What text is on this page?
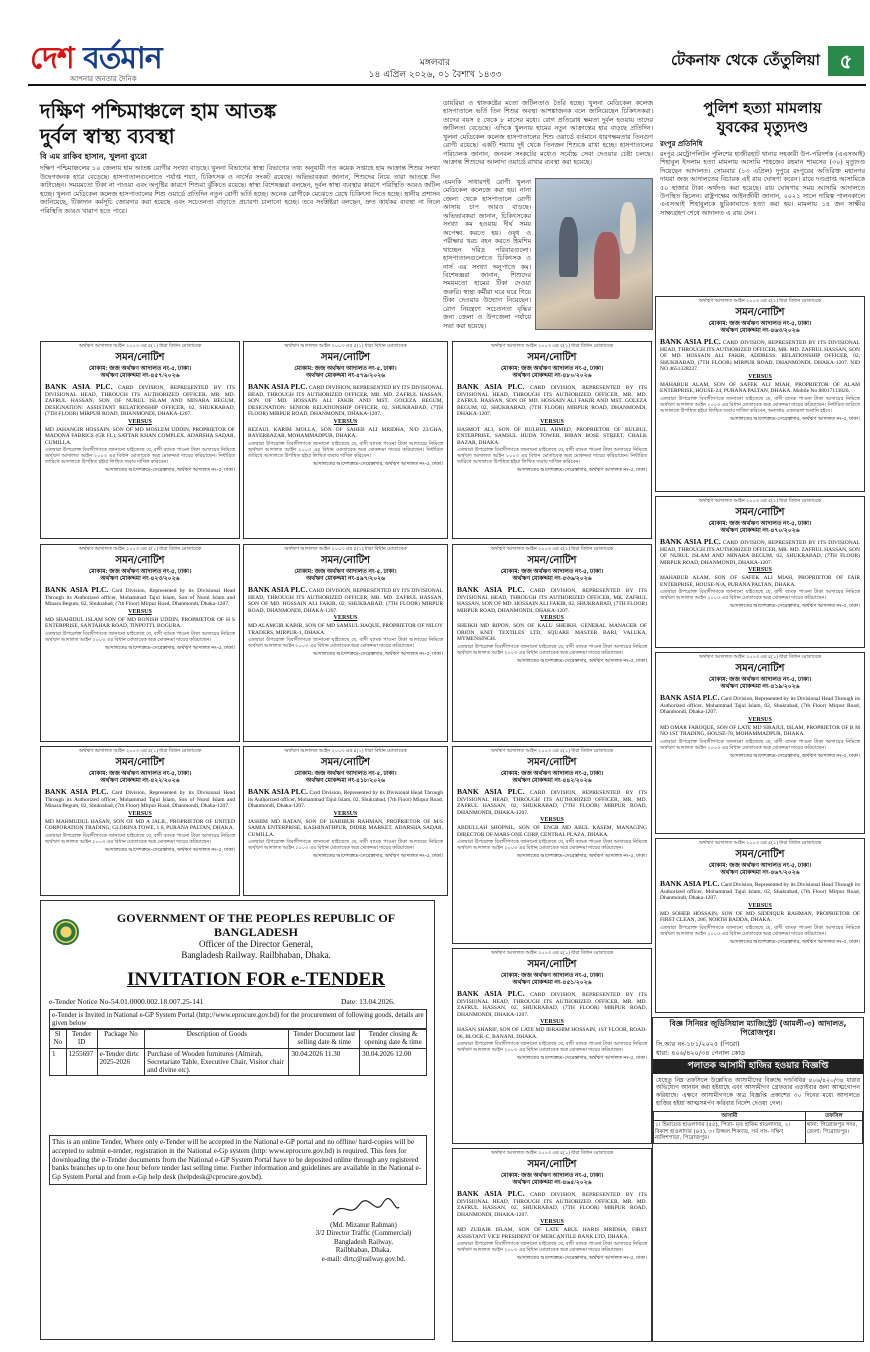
দেশ বর্তমান
আপনার জনতার দৈনিক
মঙ্গলবার
১৪ এপ্রিল ২০২৬, ০১ বৈশাখ ১৪৩৩
টেকনাফ থেকে তেঁতুলিয়া ৫
দক্ষিণ পশ্চিমাঞ্চলে হাম আতঙ্ক
দুর্বল স্বাস্থ্য ব্যবস্থা
বি এম রাকিব হাসান, খুলনা ব্যুরো
দক্ষিণ পশ্চিমাঞ্চলের ১০ জেলায় হাম আতঙ্ক রোগীর সংখ্যা বাড়ছে। খুলনা বিভাগের স্বাস্থ্য বিভাগের তথ্য অনুযায়ী গত কয়েক সপ্তাহে হাম আক্রান্ত শিশুর সংখ্যা উদ্বেগজনক হারে বেড়েছে। হাসপাতালগুলোতে পর্যাপ্ত শয্যা, চিকিৎসক ও নার্সের সংকট রয়েছে। অভিভাবকরা জানান, শিশুদের নিয়ে তারা আতঙ্কে দিন কাটাচ্ছেন। সময়মতো টিকা না পাওয়া এবং অপুষ্টির কারণে শিশুরা ঝুঁকিতে রয়েছে। স্বাস্থ্য বিশেষজ্ঞরা বলছেন, দুর্বল স্বাস্থ্য ব্যবস্থার কারণে পরিস্থিতি আরও জটিল হচ্ছে। খুলনা মেডিকেল কলেজ হাসপাতালের শিশু ওয়ার্ডে প্রতিদিন নতুন রোগী ভর্তি হচ্ছে। অনেক রোগীকে মেঝেতে রেখে চিকিৎসা দিতে হচ্ছে। স্থানীয় প্রশাসন জানিয়েছে, টিকাদান কর্মসূচি জোরদার করা হয়েছে এবং সচেতনতা বাড়াতে প্রচারণা চালানো হচ্ছে। তবে সংশ্লিষ্টরা বলছেন, দ্রুত কার্যকর ব্যবস্থা না নিলে পরিস্থিতি আরও খারাপ হতে পারে।
ডায়রিয়া ও শ্বাসকষ্টের মতো জটিলতাও তৈরি হচ্ছে। খুলনা মেডিকেল কলেজ হাসপাতালে ভর্তি তিন শিশুর অবস্থা আশঙ্কাজনক বলে জানিয়েছেন চিকিৎসকরা। তাদের বয়স ৫ থেকে ৮ মাসের মধ্যে। রোগ প্রতিরোধ ক্ষমতা দুর্বল হওয়ায় তাদের জটিলতা বেড়েছে। এদিকে খুলনায় হামের নতুন আক্রান্তের হার বাড়ছে প্রতিদিন। খুলনা মেডিকেল কলেজ হাসপাতালের শিশু ওয়ার্ডে বর্তমানে ধারণক্ষমতার তিনগুণ রোগী রয়েছে। একটি শয্যায় দুই থেকে তিনজন শিশুকে রাখা হচ্ছে। হাসপাতালের পরিচালক জানান, জনবল সংকটের মধ্যেও সর্বোচ্চ সেবা দেওয়ার চেষ্টা চলছে। আক্রান্ত শিশুদের আলাদা ওয়ার্ডে রাখার ব্যবস্থা করা হয়েছে।
এমনকি সাধারণই রোগী খুলনা মেডিকেল কলেজে করা হয়। নানা জেলা থেকে হাসপাতালে রোগী আসায় চাপ আরও বাড়ছে। অভিভাবকরা জানান, চিকিৎসকের সংখ্যা কম হওয়ায় দীর্ঘ সময় অপেক্ষা করতে হয়। ওষুধ ও পরীক্ষার খরচ বহন করতে হিমশিম খাচ্ছেন দরিদ্র পরিবারগুলো। হাসপাতালগুলোতে চিকিৎসক ও নার্স এর সংখ্যা অনুপাতে কম। বিশেষজ্ঞরা জানান, শিশুদের সময়মতো হামের টিকা দেওয়া জরুরি। স্বাস্থ্য কর্মীরা ঘরে ঘরে গিয়ে টিকা দেওয়ার উদ্যোগ নিয়েছেন। রোগ নিয়ন্ত্রণে সচেতনতা বৃদ্ধির জন্য জেলা ও উপজেলা পর্যায়ে সভা করা হয়েছে।
পুলিশ হত্যা মামলায়
যুবকের মৃত্যুদণ্ড
রংপুর প্রতিনিধি
রংপুর মেট্রোপলিটন পুলিশের হাজীরহাট থানার সহকারী উপ-পরিদর্শক (এএসআই) শিহাবুল ইসলাম হত্যা মামলায় আসামি শাহজেব রহমান শামসের (৩০) মৃত্যুদণ্ড দিয়েছেন আদালত। সোমবার (১৩ এপ্রিল) দুপুরে রংপুরের অতিরিক্ত মহানগর দায়রা জজ আদালতের বিচারক এই রায় ঘোষণা করেন। রায়ে দণ্ডপ্রাপ্ত আসামিকে ৫০ হাজার টাকা অর্থদণ্ড করা হয়েছে। রায় ঘোষণার সময় আসামি আদালতে উপস্থিত ছিলেন। রাষ্ট্রপক্ষের আইনজীবী জানান, ২০২১ সালে দায়িত্ব পালনকালে এএসআই শিহাবুলকে ছুরিকাঘাতে হত্যা করা হয়। মামলায় ১৪ জন সাক্ষীর সাক্ষ্যগ্রহণ শেষে আদালত এ রায় দেন।
অর্থঋণ আদালত আইন ২০০৩ এর ৫(১) ধারা বিধান মোতাবেক
সমন/নোটিশ
মোকাম: জজ অর্থঋণ আদালত নং-৫, ঢাকা।
অর্থঋণ মোকদ্দমা নং-৪৬৩/২০২৬
BANK ASIA PLC. CARD DIVISION, REPRESENTED BY ITS DIVISIONAL HEAD, THROUGH ITS AUTHORIZED OFFICER, MR. MD. ZAFRUL HASSAN, SON OF MD. HOSSAIN ALI FAKIR, ADDRESS: RELATIONSHIP OFFICER, 02, SHUKRABAD, (7TH FLOOR) MIRPUR ROAD, DHANMONDI, DHAKA-1207. NID NO 4651328227.
VERSUS
MAHABUB ALAM, SON OF SAFEK ALI MIAH, PROPRIETOR OF ALAM ENTERPRISE, HOUSE-24, PURANA PALTAN, DHAKA. Mobile No 88017113826.
এতদ্বারা উপরোক্ত বিবাদীগণকে জানানো যাইতেছে যে, বাদী ব্যাংক পাওনা টাকা আদায়ের নিমিত্তে অর্থঋণ আদালত আইন ২০০৩ এর বিধান মোতাবেক অত্র মোকদ্দমা দায়ের করিয়াছেন। নির্ধারিত তারিখে আদালতে উপস্থিত হইয়া লিখিত জবাব দাখিল করিবেন, অন্যথায় একতরফা শুনানি হইবে।
আদালতের আদেশক্রমে-সেরেস্তাদার, অর্থঋণ আদালত নং-৫, ঢাকা।
অর্থঋণ আদালত আইন ২০০৩ এর ৫(১) ধারা বিধান মোতাবেক
সমন/নোটিশ
মোকাম: জজ অর্থঋণ আদালত নং-৫, ঢাকা।
অর্থঋণ মোকদ্দমা নং-৪৫৭/২০২৬
BANK ASIA PLC. CARD DIVISION, REPRESENTED BY ITS DIVISIONAL HEAD, THROUGH ITS AUTHORIZED OFFICER, MR. MD. ZAFRUL HASSAN, SON OF NURUL ISLAM AND MINARA BEGUM, DESIGNATION: ASSISTANT RELATIONSHIP OFFICER, 02, SHUKRABAD, (7TH FLOOR) MIRPUR ROAD, DHANMONDI, DHAKA-1207.
VERSUS
MD JAHANGIR HOSSAIN, SON OF MD MOSLEM UDDIN, PROPRIETOR OF MADONA FABRICS (GR FL), SATTAR KHAN COMPLEX, ADARSHA SADAR, CUMILLA.
এতদ্বারা উপরোক্ত বিবাদীগণকে জানানো যাইতেছে যে, বাদী ব্যাংক পাওনা টাকা আদায়ের নিমিত্তে অর্থঋণ আদালত আইন ২০০৩ এর বিধান মোতাবেক অত্র মোকদ্দমা দায়ের করিয়াছেন। নির্ধারিত তারিখে আদালতে উপস্থিত হইয়া লিখিত জবাব দাখিল করিবেন।
আদালতের আদেশক্রমে-সেরেস্তাদার, অর্থঋণ আদালত নং-৫, ঢাকা।
অর্থঋণ আদালত আইন ২০০৩ এর ৫(১) ধারা বিধান মোতাবেক
সমন/নোটিশ
মোকাম: জজ অর্থঋণ আদালত নং-৫, ঢাকা।
অর্থঋণ মোকদ্দমা নং-৪৭৯/২০২৬
BANK ASIA PLC. CARD DIVISION, REPRESENTED BY ITS DIVISIONAL HEAD, THROUGH ITS AUTHORIZED OFFICER, MR. MD. ZAFRUL HASSAN, SON OF MD. HOSSAIN ALI FAKIR AND MST. GOLEZA BEGUM, DESIGNATION: SENIOR RELATIONSHIP OFFICER, 02, SHUKRABAD, (7TH FLOOR) MIRPUR ROAD, DHANMONDI, DHAKA-1207.
VERSUS
REZAUL KARIM MOLLA, SON OF SAHEB ALI MRIDHA, N/D 23/GHA, RAYERBAZAR, MOHAMMADPUR, DHAKA.
এতদ্বারা উপরোক্ত বিবাদীগণকে জানানো যাইতেছে যে, বাদী ব্যাংক পাওনা টাকা আদায়ের নিমিত্তে অর্থঋণ আদালত আইন ২০০৩ এর বিধান মোতাবেক অত্র মোকদ্দমা দায়ের করিয়াছেন। নির্ধারিত তারিখে আদালতে উপস্থিত হইয়া লিখিত জবাব দাখিল করিবেন।
আদালতের আদেশক্রমে-সেরেস্তাদার, অর্থঋণ আদালত নং-৫, ঢাকা।
অর্থঋণ আদালত আইন ২০০৩ এর ৫(১) ধারা বিধান মোতাবেক
সমন/নোটিশ
মোকাম: জজ অর্থঋণ আদালত নং-৫, ঢাকা।
অর্থঋণ মোকদ্দমা নং-৪৮০/২০২৬
BANK ASIA PLC. CARD DIVISION, REPRESENTED BY ITS DIVISIONAL HEAD, THROUGH ITS AUTHORIZED OFFICER, MR. MD. ZAFRUL HASSAN, SON OF MD. HOSSAIN ALI FAKIR AND MST. GOLEZA BEGUM, 02, SHUKRABAD, (7TH FLOOR) MIRPUR ROAD, DHANMONDI, DHAKA-1207.
VERSUS
HASMOT ALI, SON OF BULBUL AHMED, PROPRIETOR OF BULBUL ENTERPRISE, SAMSUL HUDA TOWER, BIRAN BOSE STREET, CHALK BAZAR, DHAKA.
এতদ্বারা উপরোক্ত বিবাদীগণকে জানানো যাইতেছে যে, বাদী ব্যাংক পাওনা টাকা আদায়ের নিমিত্তে অর্থঋণ আদালত আইন ২০০৩ এর বিধান মোতাবেক অত্র মোকদ্দমা দায়ের করিয়াছেন। নির্ধারিত তারিখে আদালতে উপস্থিত হইয়া লিখিত জবাব দাখিল করিবেন।
আদালতের আদেশক্রমে-সেরেস্তাদার, অর্থঋণ আদালত নং-৫, ঢাকা।
অর্থঋণ আদালত আইন ২০০৩ এর ৫(১) ধারা বিধান মোতাবেক
সমন/নোটিশ
মোকাম: জজ অর্থঋণ আদালত নং-৫, ঢাকা।
অর্থঋণ মোকদ্দমা নং-৪৭০/২০২৬
BANK ASIA PLC. CARD DIVISION, REPRESENTED BY ITS DIVISIONAL HEAD, THROUGH ITS AUTHORIZED OFFICER, MR. MD. ZAFRUL HASSAN, SON OF NURUL ISLAM AND MINARA BEGUM, 02, SHUKRABAD, (7TH FLOOR) MIRPUR ROAD, DHANMONDI, DHAKA-1207.
VERSUS
MAHABUB ALAM, SON OF SAFEK ALI MIAH, PROPRIETOR OF FAIR ENTERPRISE, HOUSE-N/A, PURANA PALTAN, DHAKA.
এতদ্বারা উপরোক্ত বিবাদীগণকে জানানো যাইতেছে যে, বাদী ব্যাংক পাওনা টাকা আদায়ের নিমিত্তে অর্থঋণ আদালত আইন ২০০৩ এর বিধান মোতাবেক অত্র মোকদ্দমা দায়ের করিয়াছেন।
আদালতের আদেশক্রমে-সেরেস্তাদার, অর্থঋণ আদালত নং-৫, ঢাকা।
অর্থঋণ আদালত আইন ২০০৩ এর ৫(১) ধারা বিধান মোতাবেক
সমন/নোটিশ
মোকাম: জজ অর্থঋণ আদালত নং-৫, ঢাকা।
অর্থঋণ মোকদ্দমা নং-৪২৩/২০২৬
BANK ASIA PLC. Card Division, Represented by its Divisional Head Through its Authorized officer, Mohammad Tajul Islam, Son of Nurul Islam and Minara Begum, 02, Shukrabad, (7th Floor) Mirpur Road, Dhanmondi, Dhaka-1207.
VERSUS
MD SHAHIDUL ISLAM SON OF MD BONISH UDDIN, PROPRIETOR OF H S ENTERPRISE, SANTAHAR ROAD, TINPOTTI, BOGURA.
এতদ্বারা উপরোক্ত বিবাদীগণকে জানানো যাইতেছে যে, বাদী ব্যাংক পাওনা টাকা আদায়ের নিমিত্তে অর্থঋণ আদালত আইন ২০০৩ এর বিধান মোতাবেক অত্র মোকদ্দমা দায়ের করিয়াছেন।
আদালতের আদেশক্রমে-সেরেস্তাদার, অর্থঋণ আদালত নং-৫, ঢাকা।
অর্থঋণ আদালত আইন ২০০৩ এর ৫(১) ধারা বিধান মোতাবেক
সমন/নোটিশ
মোকাম: জজ অর্থঋণ আদালত নং-৫, ঢাকা।
অর্থঋণ মোকদ্দমা নং-৪৯৭/২০২৬
BANK ASIA PLC. CARD DIVISION, REPRESENTED BY ITS DIVISIONAL HEAD, THROUGH ITS AUTHORIZED OFFICER, MR. MD. ZAFRUL HASSAN, SON OF MD. HOSSAIN ALI FAKIR, 02, SHUKRABAD, (7TH FLOOR) MIRPUR ROAD, DHANMONDI, DHAKA-1207.
VERSUS
MD ALAMGIR KABIR, SON OF MD SAMSUL HAQUE, PROPRIETOR OF NILOY TRADERS, MIRPUR-1, DHAKA.
এতদ্বারা উপরোক্ত বিবাদীগণকে জানানো যাইতেছে যে, বাদী ব্যাংক পাওনা টাকা আদায়ের নিমিত্তে অর্থঋণ আদালত আইন ২০০৩ এর বিধান মোতাবেক অত্র মোকদ্দমা দায়ের করিয়াছেন।
আদালতের আদেশক্রমে-সেরেস্তাদার, অর্থঋণ আদালত নং-৫, ঢাকা।
অর্থঋণ আদালত আইন ২০০৩ এর ৫(১) ধারা বিধান মোতাবেক
সমন/নোটিশ
মোকাম: জজ অর্থঋণ আদালত নং-৫, ঢাকা।
অর্থঋণ মোকদ্দমা নং-৪৩৬/২০২৬
BANK ASIA PLC. CARD DIVISION, REPRESENTED BY ITS DIVISIONAL HEAD, THROUGH ITS AUTHORIZED OFFICER, MR. ZAFRUL HASSAN, SON OF MD. HOSSAIN ALI FAKIR, 02, SHUKRABAD, (7TH FLOOR) MIRPUR ROAD, DHANMONDI, DHAKA-1207.
VERSUS
SHEIKH MD RIPON, SON OF KALU SHEIKH, GENERAL MANAGER OF ORION KNIT TEXTILES LTD, SQUARE MASTER BARI, VALUKA, MYMENSINGH.
এতদ্বারা উপরোক্ত বিবাদীগণকে জানানো যাইতেছে যে, বাদী ব্যাংক পাওনা টাকা আদায়ের নিমিত্তে অর্থঋণ আদালত আইন ২০০৩ এর বিধান মোতাবেক অত্র মোকদ্দমা দায়ের করিয়াছেন।
আদালতের আদেশক্রমে-সেরেস্তাদার, অর্থঋণ আদালত নং-৫, ঢাকা।
অর্থঋণ আদালত আইন ২০০৩ এর ৫(১) ধারা বিধান মোতাবেক
সমন/নোটিশ
মোকাম: জজ অর্থঋণ আদালত নং-৫, ঢাকা।
অর্থঋণ মোকদ্দমা নং-৪১৯/২০২৬
BANK ASIA PLC. Card Division, Represented by its Divisional Head Through its Authorized officer, Mohammad Tajul Islam, 02, Shukrabad, (7th Floor) Mirpur Road, Dhanmondi, Dhaka-1207.
VERSUS
MD OMAR FAROQUE, SON OF LATE MD SIRAJUL ISLAM, PROPRIETOR OF B M NO 1ST TRADING, HOUSE-78, MOHAMMADPUR, DHAKA.
এতদ্বারা উপরোক্ত বিবাদীগণকে জানানো যাইতেছে যে, বাদী ব্যাংক পাওনা টাকা আদায়ের নিমিত্তে অর্থঋণ আদালত আইন ২০০৩ এর বিধান মোতাবেক অত্র মোকদ্দমা দায়ের করিয়াছেন।
আদালতের আদেশক্রমে-সেরেস্তাদার, অর্থঋণ আদালত নং-৫, ঢাকা।
অর্থঋণ আদালত আইন ২০০৩ এর ৫(১) ধারা বিধান মোতাবেক
সমন/নোটিশ
মোকাম: জজ অর্থঋণ আদালত নং-৫, ঢাকা।
অর্থঋণ মোকদ্দমা নং-৪২২/২০২৬
BANK ASIA PLC. Card Division, Represented by its Divisional Head Through its Authorized officer, Mohammad Tajul Islam, Son of Nurul Islam and Minara Begum, 02, Shukrabad, (7th Floor) Mirpur Road, Dhanmondi, Dhaka-1207.
VERSUS
MD MAHMUDUL HASAN, SON OF MD A JALIL, PROPRIETOR OF UNITED CORPORATION TRADING, GLORINA TOWE, 1 6, PURANA PALTAN, DHAKA.
এতদ্বারা উপরোক্ত বিবাদীগণকে জানানো যাইতেছে যে, বাদী ব্যাংক পাওনা টাকা আদায়ের নিমিত্তে অর্থঋণ আদালত আইন ২০০৩ এর বিধান মোতাবেক অত্র মোকদ্দমা দায়ের করিয়াছেন।
আদালতের আদেশক্রমে-সেরেস্তাদার, অর্থঋণ আদালত নং-৫, ঢাকা।
অর্থঋণ আদালত আইন ২০০৩ এর ৫(১) ধারা বিধান মোতাবেক
সমন/নোটিশ
মোকাম: জজ অর্থঋণ আদালত নং-৫, ঢাকা।
অর্থঋণ মোকদ্দমা নং-৪১৮/২০২৬
BANK ASIA PLC. Card Division, Represented by its Divisional Head Through its Authorized officer, Mohammad Tajul Islam, 02, Shukrabad, (7th Floor) Mirpur Road, Dhanmondi, Dhaka-1207.
VERSUS
JASHIM MD RATAN, SON OF HABIBUR RAHMAN, PROPRIETOR OF M/S SAMIA ENTERPRISE, KASHINATHPUR, DIDER MARKET, ADARSHA SADAR, CUMILLA.
এতদ্বারা উপরোক্ত বিবাদীগণকে জানানো যাইতেছে যে, বাদী ব্যাংক পাওনা টাকা আদায়ের নিমিত্তে অর্থঋণ আদালত আইন ২০০৩ এর বিধান মোতাবেক অত্র মোকদ্দমা দায়ের করিয়াছেন।
আদালতের আদেশক্রমে-সেরেস্তাদার, অর্থঋণ আদালত নং-৫, ঢাকা।
অর্থঋণ আদালত আইন ২০০৩ এর ৫(১) ধারা বিধান মোতাবেক
সমন/নোটিশ
মোকাম: জজ অর্থঋণ আদালত নং-৫, ঢাকা।
অর্থঋণ মোকদ্দমা নং-৪৪২/২০২৬
BANK ASIA PLC. CARD DIVISION, REPRESENTED BY ITS DIVISIONAL HEAD, THROUGH ITS AUTHORIZED OFFICER, MR. MD. ZAFRUL HASSAN, 02, SHUKRABAD, (7TH FLOOR) MIRPUR ROAD, DHANMONDI, DHAKA-1207.
VERSUS
ABDULLAH SHOPNIL, SON OF ENGR MD ABUL KASEM, MANAGING DIRECTOR OF MARS ONE CORP, CENTRAL PLAZA, DHAKA.
এতদ্বারা উপরোক্ত বিবাদীগণকে জানানো যাইতেছে যে, বাদী ব্যাংক পাওনা টাকা আদায়ের নিমিত্তে অর্থঋণ আদালত আইন ২০০৩ এর বিধান মোতাবেক অত্র মোকদ্দমা দায়ের করিয়াছেন।
আদালতের আদেশক্রমে-সেরেস্তাদার, অর্থঋণ আদালত নং-৫, ঢাকা।
অর্থঋণ আদালত আইন ২০০৩ এর ৫(১) ধারা বিধান মোতাবেক
সমন/নোটিশ
মোকাম: জজ অর্থঋণ আদালত নং-৫, ঢাকা।
অর্থঋণ মোকদ্দমা নং-৪৬৭/২০২৬
BANK ASIA PLC. Card Division, Represented by its Divisional Head Through its Authorized officer, Mohammad Tajul Islam, 02, Shukrabad, (7th Floor) Mirpur Road, Dhanmondi, Dhaka-1207.
VERSUS
MD SOHEB HOSSAIN, SON OF MD SIDDIQUR RAHMAN, PROPRIETOR OF FIRST CLEAN, 286, NORTH BADDA, DHAKA.
এতদ্বারা উপরোক্ত বিবাদীগণকে জানানো যাইতেছে যে, বাদী ব্যাংক পাওনা টাকা আদায়ের নিমিত্তে অর্থঋণ আদালত আইন ২০০৩ এর বিধান মোতাবেক অত্র মোকদ্দমা দায়ের করিয়াছেন।
আদালতের আদেশক্রমে-সেরেস্তাদার, অর্থঋণ আদালত নং-৫, ঢাকা।
অর্থঋণ আদালত আইন ২০০৩ এর ৫(১) ধারা বিধান মোতাবেক
সমন/নোটিশ
মোকাম: জজ অর্থঋণ আদালত নং-৫, ঢাকা।
অর্থঋণ মোকদ্দমা নং-৪৫১/২০২৬
BANK ASIA PLC. CARD DIVISION, REPRESENTED BY ITS DIVISIONAL HEAD, THROUGH ITS AUTHORIZED OFFICER, MR. MD. ZAFRUL HASSAN, 02, SHUKRABAD, (7TH FLOOR) MIRPUR ROAD, DHANMONDI, DHAKA-1207.
VERSUS
HASAN SHARIF, SON OF LATE MD IBRAHIM HOSSAIN, 1ST FLOOR, ROAD-06, BLOCK-C, BANANI, DHAKA.
এতদ্বারা উপরোক্ত বিবাদীগণকে জানানো যাইতেছে যে, বাদী ব্যাংক পাওনা টাকা আদায়ের নিমিত্তে অর্থঋণ আদালত আইন ২০০৩ এর বিধান মোতাবেক অত্র মোকদ্দমা দায়ের করিয়াছেন।
আদালতের আদেশক্রমে-সেরেস্তাদার, অর্থঋণ আদালত নং-৫, ঢাকা।
অর্থঋণ আদালত আইন ২০০৩ এর ৫(১) ধারা বিধান মোতাবেক
সমন/নোটিশ
মোকাম: জজ অর্থঋণ আদালত নং-৫, ঢাকা।
অর্থঋণ মোকদ্দমা নং-৪৬৫/২০২৬
BANK ASIA PLC. CARD DIVISION, REPRESENTED BY ITS DIVISIONAL HEAD, THROUGH ITS AUTHORIZED OFFICER, MR. MD. ZAFRUL HASSAN, 02, SHUKRABAD, (7TH FLOOR) MIRPUR ROAD, DHANMONDI, DHAKA-1207.
VERSUS
MD ZUBAIR ISLAM, SON OF LATE ABUL HARIS MRIDHA, FIRST ASSISTANT VICE PRESIDENT OF MERCANTILE BANK LTD, DHAKA.
এতদ্বারা উপরোক্ত বিবাদীগণকে জানানো যাইতেছে যে, বাদী ব্যাংক পাওনা টাকা আদায়ের নিমিত্তে অর্থঋণ আদালত আইন ২০০৩ এর বিধান মোতাবেক অত্র মোকদ্দমা দায়ের করিয়াছেন।
আদালতের আদেশক্রমে-সেরেস্তাদার, অর্থঋণ আদালত নং-৫, ঢাকা।
GOVERNMENT OF THE PEOPLES REPUBLIC OF BANGLADESH
Officer of the Director General,
Bangladesh Railway. Railbhaban, Dhaka.
INVITATION FOR e-TENDER
e-Tender Notice No-54.01.0000.002.18.007.25-141	Date: 13.04.2026.
e-Tender is Invited in National e-GP System Portal (http://www.eprocure.gov.bd) for the procurement of following goods, details are given below
Sl No	Tender ID	Package No	Description of Goods	Tender Document last selling date & time	Tender closing & opening date & time
1	1255697	e-Tender dirtc 2025-2026	Purchase of Wooden furnitures (Almirah, Secretariate Table, Executive Chair, Visitor chair and divine etc).	30.04.2026 11.30	30.04.2026 12.00
This is an online Tender, Where only e-Tender will be accepted in the National e-GP portal and no offline/ hard-copies will be accepted to submit e-tender, registration in the National e-Gp system (http: www.eprocure.gov.bd) is required. This fees for downloading the e-Tender documents from the National e-GP System Portal have to be deposited online through any registered banks branches up to one hour before tender last selling time. Further information and guidelines are available in the National e-Gp System Portal and from e-Gp help desk (helpdesk@cprocure.gov.bd).
(Md. Mizanur Rahman)
3/2 Director Traffic (Commercial)
Bangladesh Railway,
Railbhaban, Dhaka.
e-mail: dirtc@railway.gov.bd.
বিজ্ঞ সিনিয়র জুডিসিয়াল ম্যাজিস্ট্রেট (আমলী-৩) আদালত, পিরোজপুর।
সি.আর নং-১৮১/২০২৫ (পিরো)
ধারা: ৪০৬/৪২০/৩৪ পেনাল কোড
পলাতক আসামী হাজির হওয়ার বিজ্ঞপ্তি
যেহেতু নিম্ন তফসিলে উল্লেখিত আসামীদের বিরুদ্ধে দণ্ডবিধির ৪০৬/৪২০/৩৪ ধারার অভিযোগ আনয়ন করা হইয়াছে এবং আসামীগণ গ্রেফতার এড়াইবার জন্য আত্মগোপন করিয়াছে। এক্ষণে আসামীগণকে অত্র বিজ্ঞপ্তি প্রকাশের ৩০ দিনের মধ্যে আদালতে হাজির হইয়া আত্মসমর্পণ করিবার নির্দেশ দেওয়া গেল।
আসামী	তফসিল
১। হিমায়েত হাওলাদার (৫৫), পিতা- মৃত হাকিম হাওলাদার, ২। বিকাশ হাওলাদার (৪৫), ৩। উজ্জল শিকদার, সর্ব সাং- দক্ষিণ নালিশপাড়া, পিরোজপুর।	থানা: পিরোজপুর সদর, জেলা: পিরোজপুর।
